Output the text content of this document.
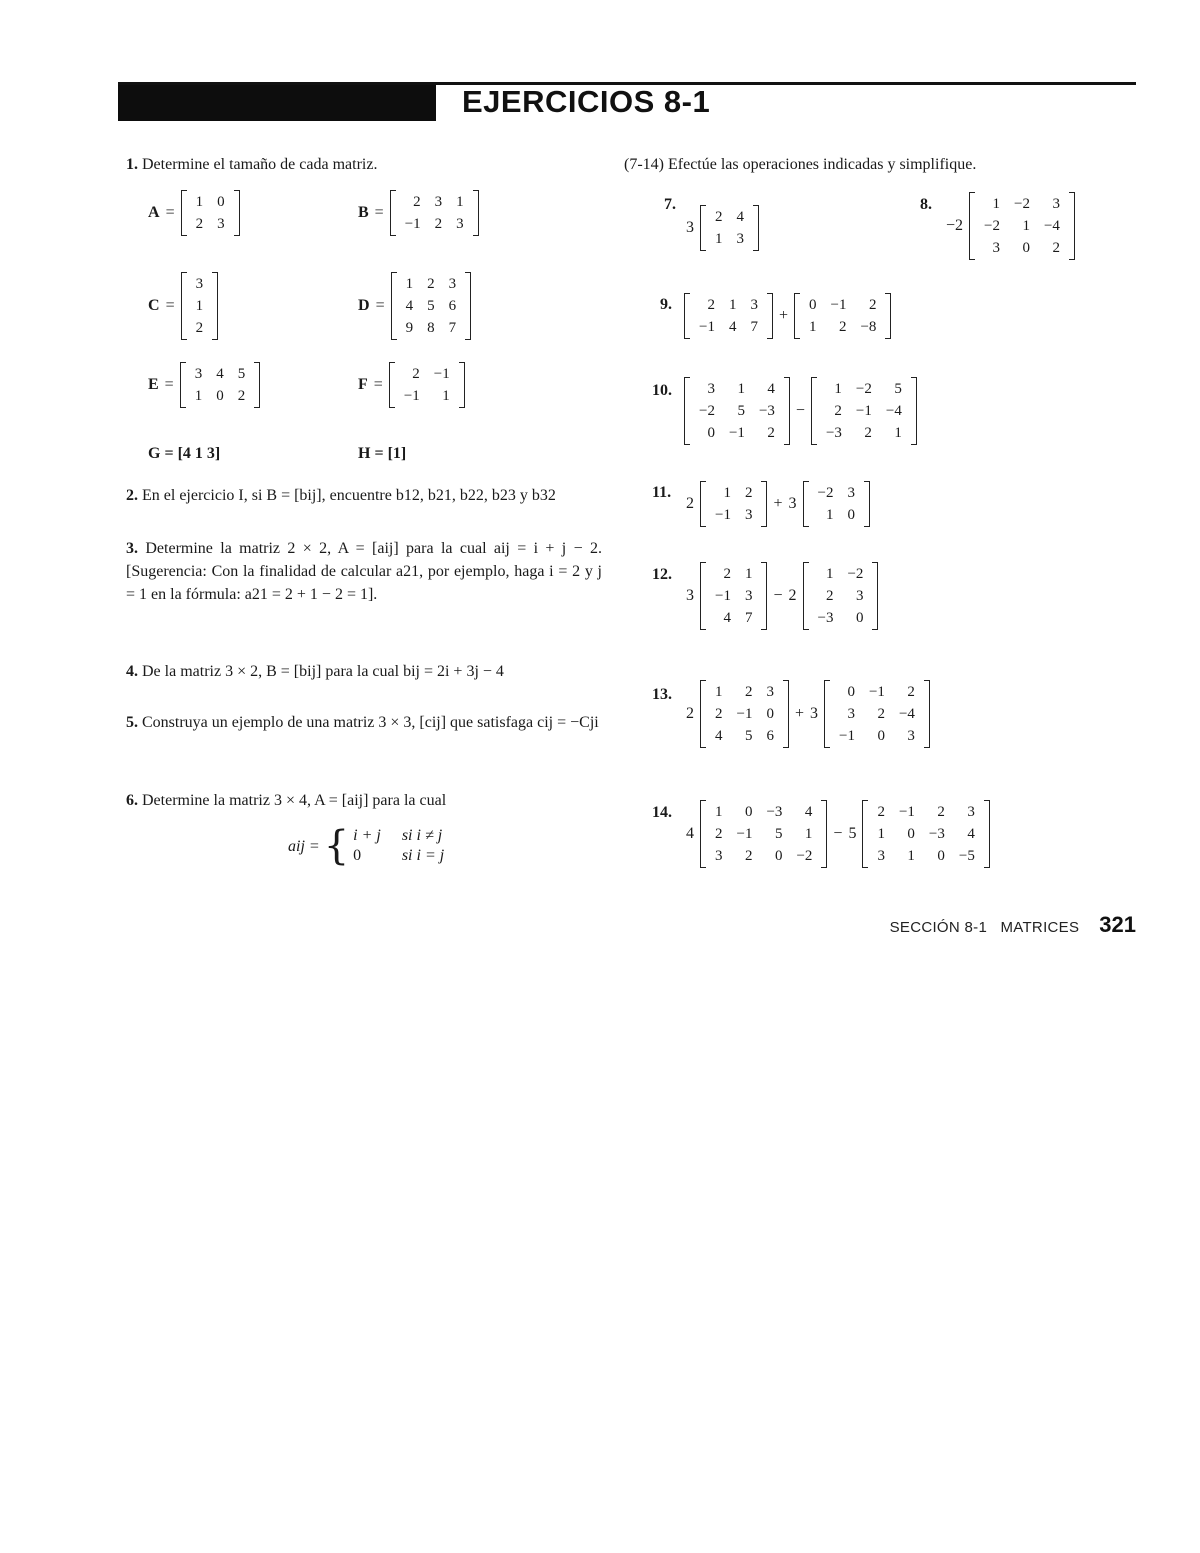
EJERCICIOS 8-1
1. Determine el tamaño de cada matriz.
A =
1	0
2	3
B =
2	3	1
−1	2	3
C =
3
1
2
D =
1	2	3
4	5	6
9	8	7
E =
3	4	5
1	0	2
F =
2	−1
−1	1
G = [4 1 3]	H = [1]
2. En el ejercicio I, si B = [bij], encuentre b12, b21, b22, b23 y b32
3. Determine la matriz 2 × 2, A = [aij] para la cual aij = i + j − 2. [Sugerencia: Con la finalidad de calcular a21, por ejemplo, haga i = 2 y j = 1 en la fórmula: a21 = 2 + 1 − 2 = 1].
4. De la matriz 3 × 2, B = [bij] para la cual bij = 2i + 3j − 4
5. Construya un ejemplo de una matriz 3 × 3, [cij] que satisfaga cij = −Cji
6. Determine la matriz 3 × 4, A = [aij] para la cual
aij = { i + j	si i ≠ j
0	si i = j
(7-14) Efectúe las operaciones indicadas y simplifique.
7.
3
2	4
1	3
8.
−2
1	−2	3
−2	1	−4
3	0	2
9. 2	1	3
−1	4	7
+
0	−1	2
1	2	−8
10. 3	1	4
−2	5	−3
0	−1	2
−
1	−2	5
2	−1	−4
−3	2	1
11.
2
1	2
−1	3
+ 3
−2	3
1	0
12.
3
2	1
−1	3
4	7
− 2
1	−2
2	3
−3	0
13.
2
1	2	3
2	−1	0
4	5	6
+ 3
0	−1	2
3	2	−4
−1	0	3
14.
4
1	0	−3	4
2	−1	5	1
3	2	0	−2
− 5
2	−1	2	3
1	0	−3	4
3	1	0	−5
SECCIÓN 8-1   MATRICES 321
